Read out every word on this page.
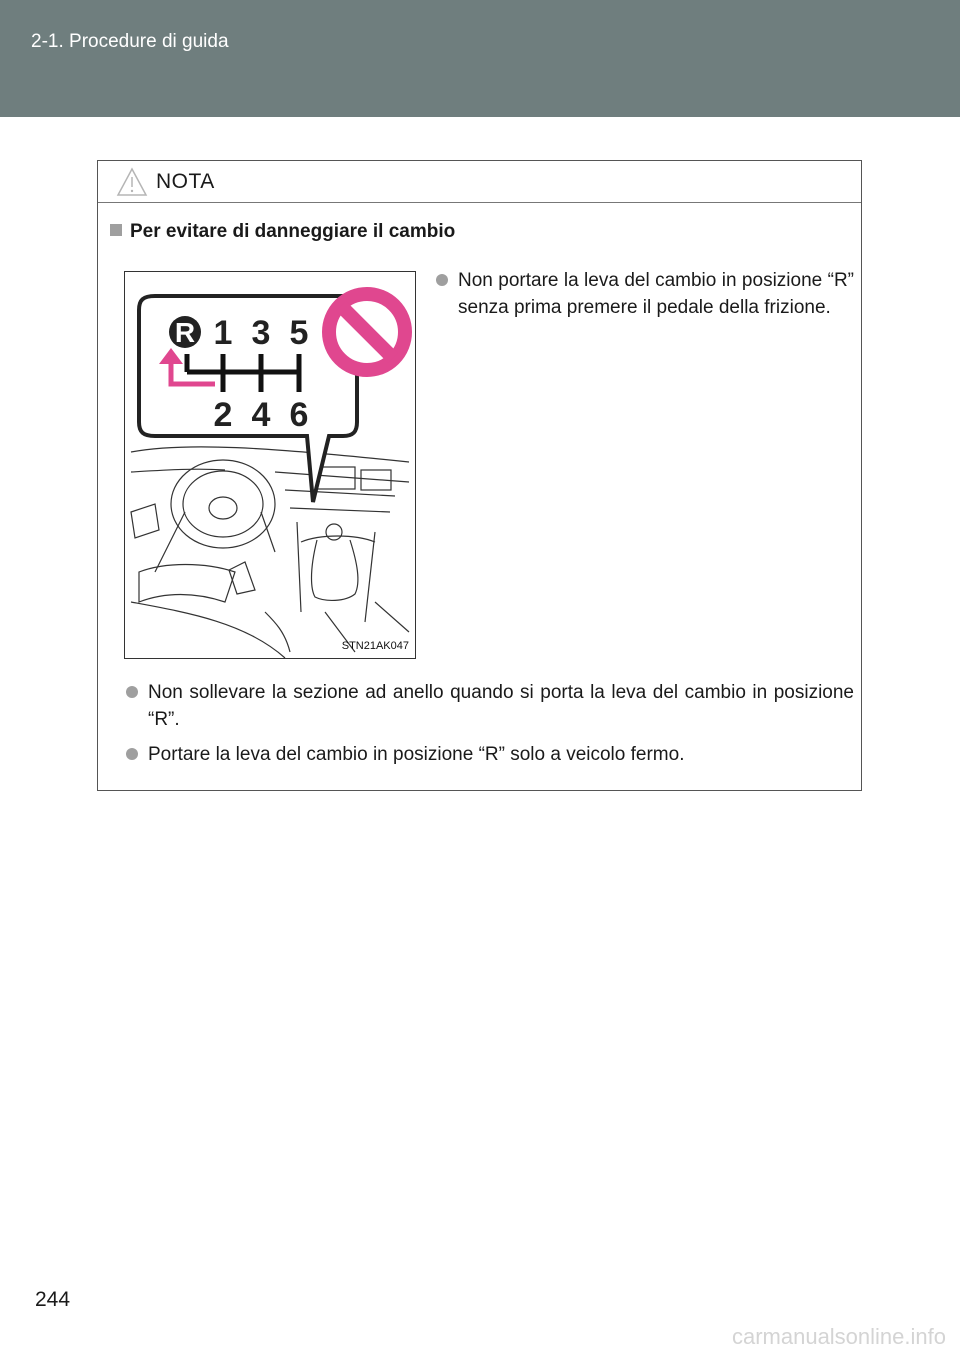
2-1. Procedure di guida
NOTA
Per evitare di danneggiare il cambio
R 1 3 5
2 4 6
STN21AK047
Non portare la leva del cambio in posizione “R” senza prima premere il pedale della frizione.
Non sollevare la sezione ad anello quando si porta la leva del cambio in posizione “R”.
Portare la leva del cambio in posizione “R” solo a veicolo fermo.
244
carmanualsonline.info
